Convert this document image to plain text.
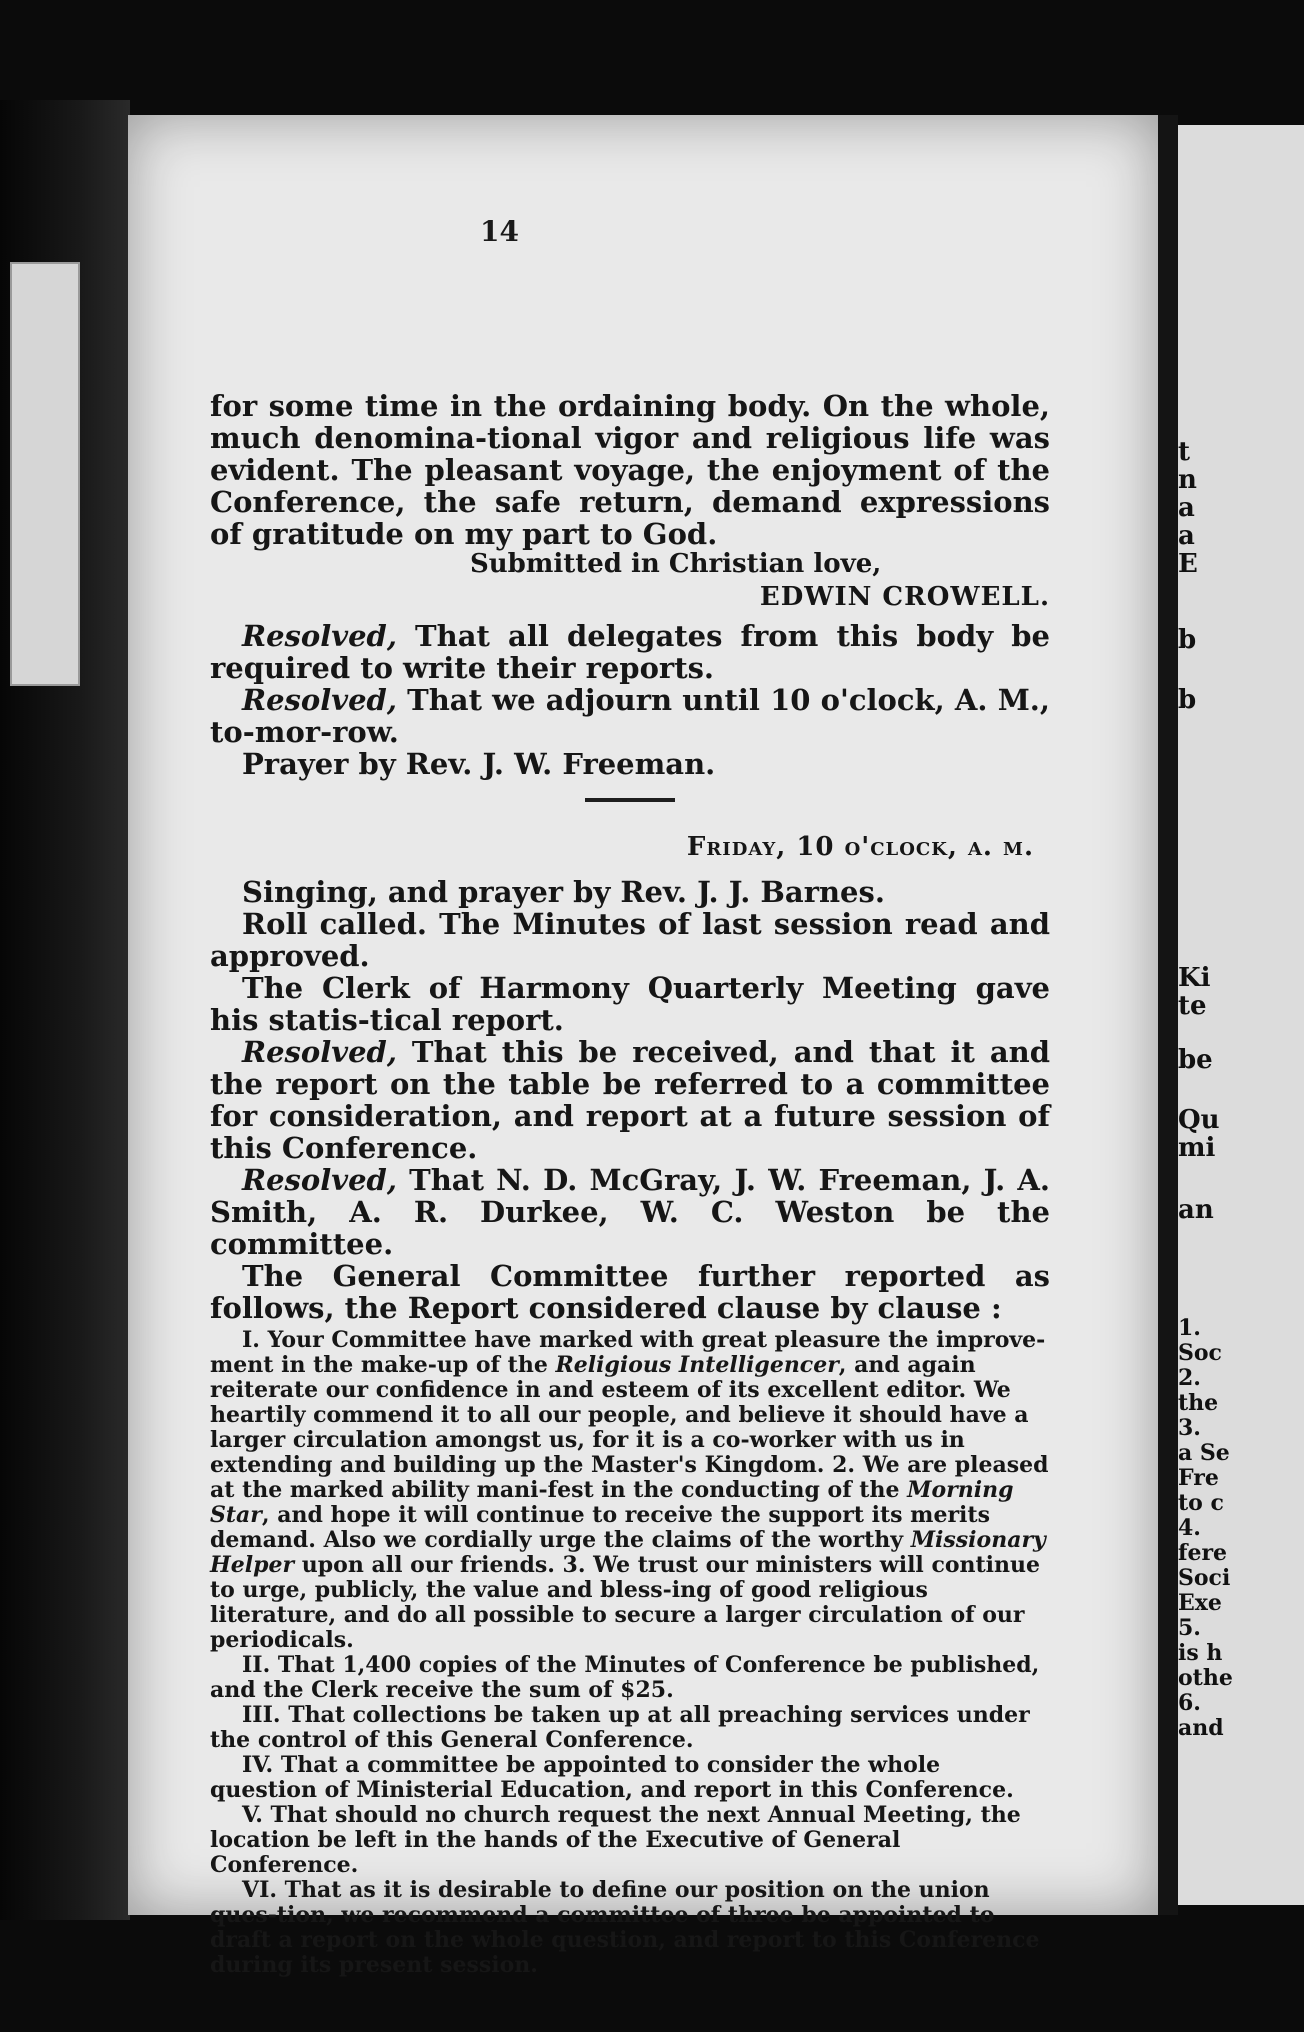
t
n
a
a
E
b
b
Ki
te
be
Qu
mi
an
1.
Soc
2.
the
3.
a Se
Fre
to c
4.
fere
Soci
Exe
5.
is h
othe
6.
and
14

for some time in the ordaining body. On the whole, much denomina-tional vigor and religious life was evident. The pleasant voyage, the enjoyment of the Conference, the safe return, demand expressions of gratitude on my part to God.

Submitted in Christian love,

EDWIN CROWELL.

Resolved, That all delegates from this body be required to write their reports.

Resolved, That we adjourn until 10 o'clock, A. M., to-mor-row.

Prayer by Rev. J. W. Freeman.

Friday, 10 o'clock, a. m.

Singing, and prayer by Rev. J. J. Barnes.

Roll called. The Minutes of last session read and approved.

The Clerk of Harmony Quarterly Meeting gave his statis-tical report.

Resolved, That this be received, and that it and the report on the table be referred to a committee for consideration, and report at a future session of this Conference.

Resolved, That N. D. McGray, J. W. Freeman, J. A. Smith, A. R. Durkee, W. C. Weston be the committee.

The General Committee further reported as follows, the Report considered clause by clause :

I. Your Committee have marked with great pleasure the improve-ment in the make-up of the Religious Intelligencer, and again reiterate our confidence in and esteem of its excellent editor. We heartily commend it to all our people, and believe it should have a larger circulation amongst us, for it is a co-worker with us in extending and building up the Master's Kingdom. 2. We are pleased at the marked ability mani-fest in the conducting of the Morning Star, and hope it will continue to receive the support its merits demand. Also we cordially urge the claims of the worthy Missionary Helper upon all our friends. 3. We trust our ministers will continue to urge, publicly, the value and bless-ing of good religious literature, and do all possible to secure a larger circulation of our periodicals.

II. That 1,400 copies of the Minutes of Conference be published, and the Clerk receive the sum of $25.

III. That collections be taken up at all preaching services under the control of this General Conference.

IV. That a committee be appointed to consider the whole question of Ministerial Education, and report in this Conference.

V. That should no church request the next Annual Meeting, the location be left in the hands of the Executive of General Conference.

VI. That as it is desirable to define our position on the union ques-tion, we recommend a committee of three be appointed to draft a report on the whole question, and report to this Conference during its present session.
